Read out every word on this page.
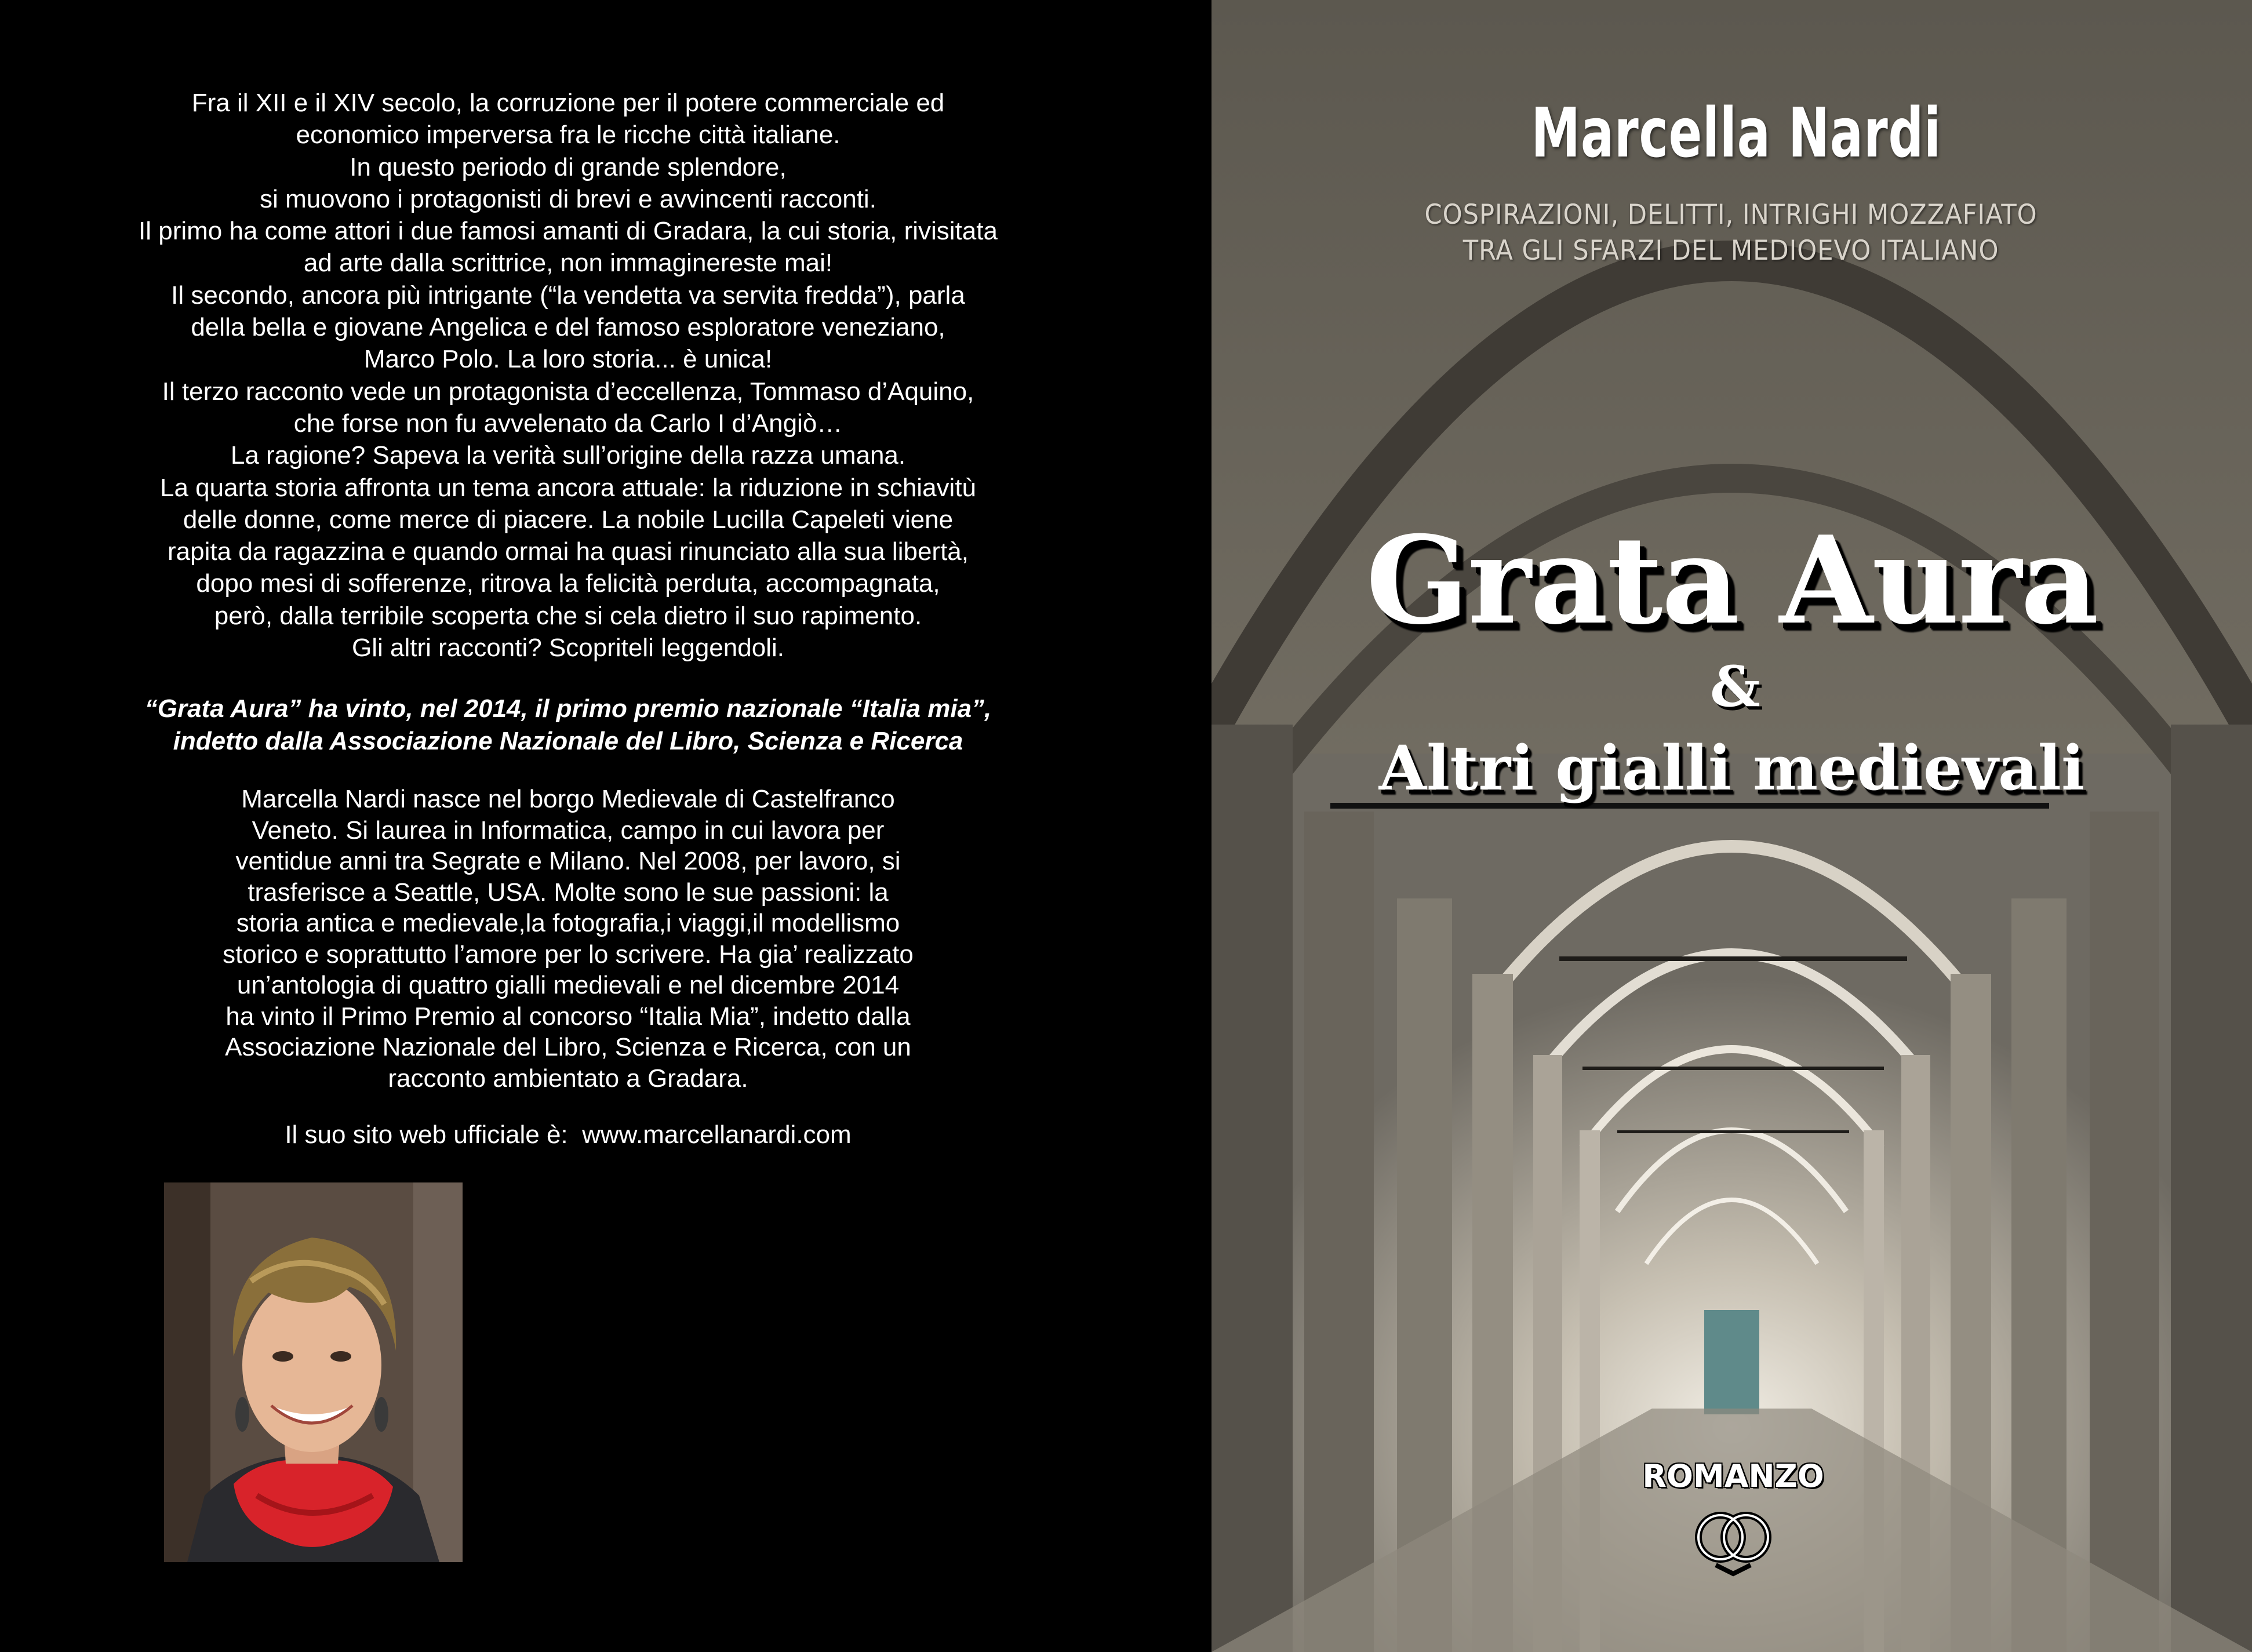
Fra il XII e il XIV secolo, la corruzione per il potere commerciale ed

economico imperversa fra le ricche città italiane.

In questo periodo di grande splendore,

si muovono i protagonisti di brevi e avvincenti racconti.

Il primo ha come attori i due famosi amanti di Gradara, la cui storia, rivisitata

ad arte dalla scrittrice, non immaginereste mai!

Il secondo, ancora più intrigante (“la vendetta va servita fredda”), parla

della bella e giovane Angelica e del famoso esploratore veneziano,

Marco Polo. La loro storia... è unica!

Il terzo racconto vede un protagonista d’eccellenza, Tommaso d’Aquino,

che forse non fu avvelenato da Carlo I d’Angiò…

La ragione? Sapeva la verità sull’origine della razza umana.

La quarta storia affronta un tema ancora attuale: la riduzione in schiavitù

delle donne, come merce di piacere. La nobile Lucilla Capeleti viene

rapita da ragazzina e quando ormai ha quasi rinunciato alla sua libertà,

dopo mesi di sofferenze, ritrova la felicità perduta, accompagnata,

però, dalla terribile scoperta che si cela dietro il suo rapimento.

Gli altri racconti? Scopriteli leggendoli.

“Grata Aura” ha vinto, nel 2014, il primo premio nazionale “Italia mia”,

indetto dalla Associazione Nazionale del Libro, Scienza e Ricerca

Marcella Nardi nasce nel borgo Medievale di Castelfranco

Veneto. Si laurea in Informatica, campo in cui lavora per

ventidue anni tra Segrate e Milano. Nel 2008, per lavoro, si

trasferisce a Seattle, USA. Molte sono le sue passioni: la

storia antica e medievale,la fotografia,i viaggi,il modellismo

storico e soprattutto l’amore per lo scrivere. Ha gia’ realizzato

un’antologia di quattro gialli medievali e nel dicembre 2014

ha vinto il Primo Premio al concorso “Italia Mia”, indetto dalla

Associazione Nazionale del Libro, Scienza e Ricerca, con un

racconto ambientato a Gradara.

Il suo sito web ufficiale è:  www.marcellanardi.com
Marcella Nardi

COSPIRAZIONI, DELITTI, INTRIGHI MOZZAFIATO

TRA GLI SFARZI DEL MEDIOEVO ITALIANO

Grata Aura
&
Altri gialli medievali
ROMANZO
